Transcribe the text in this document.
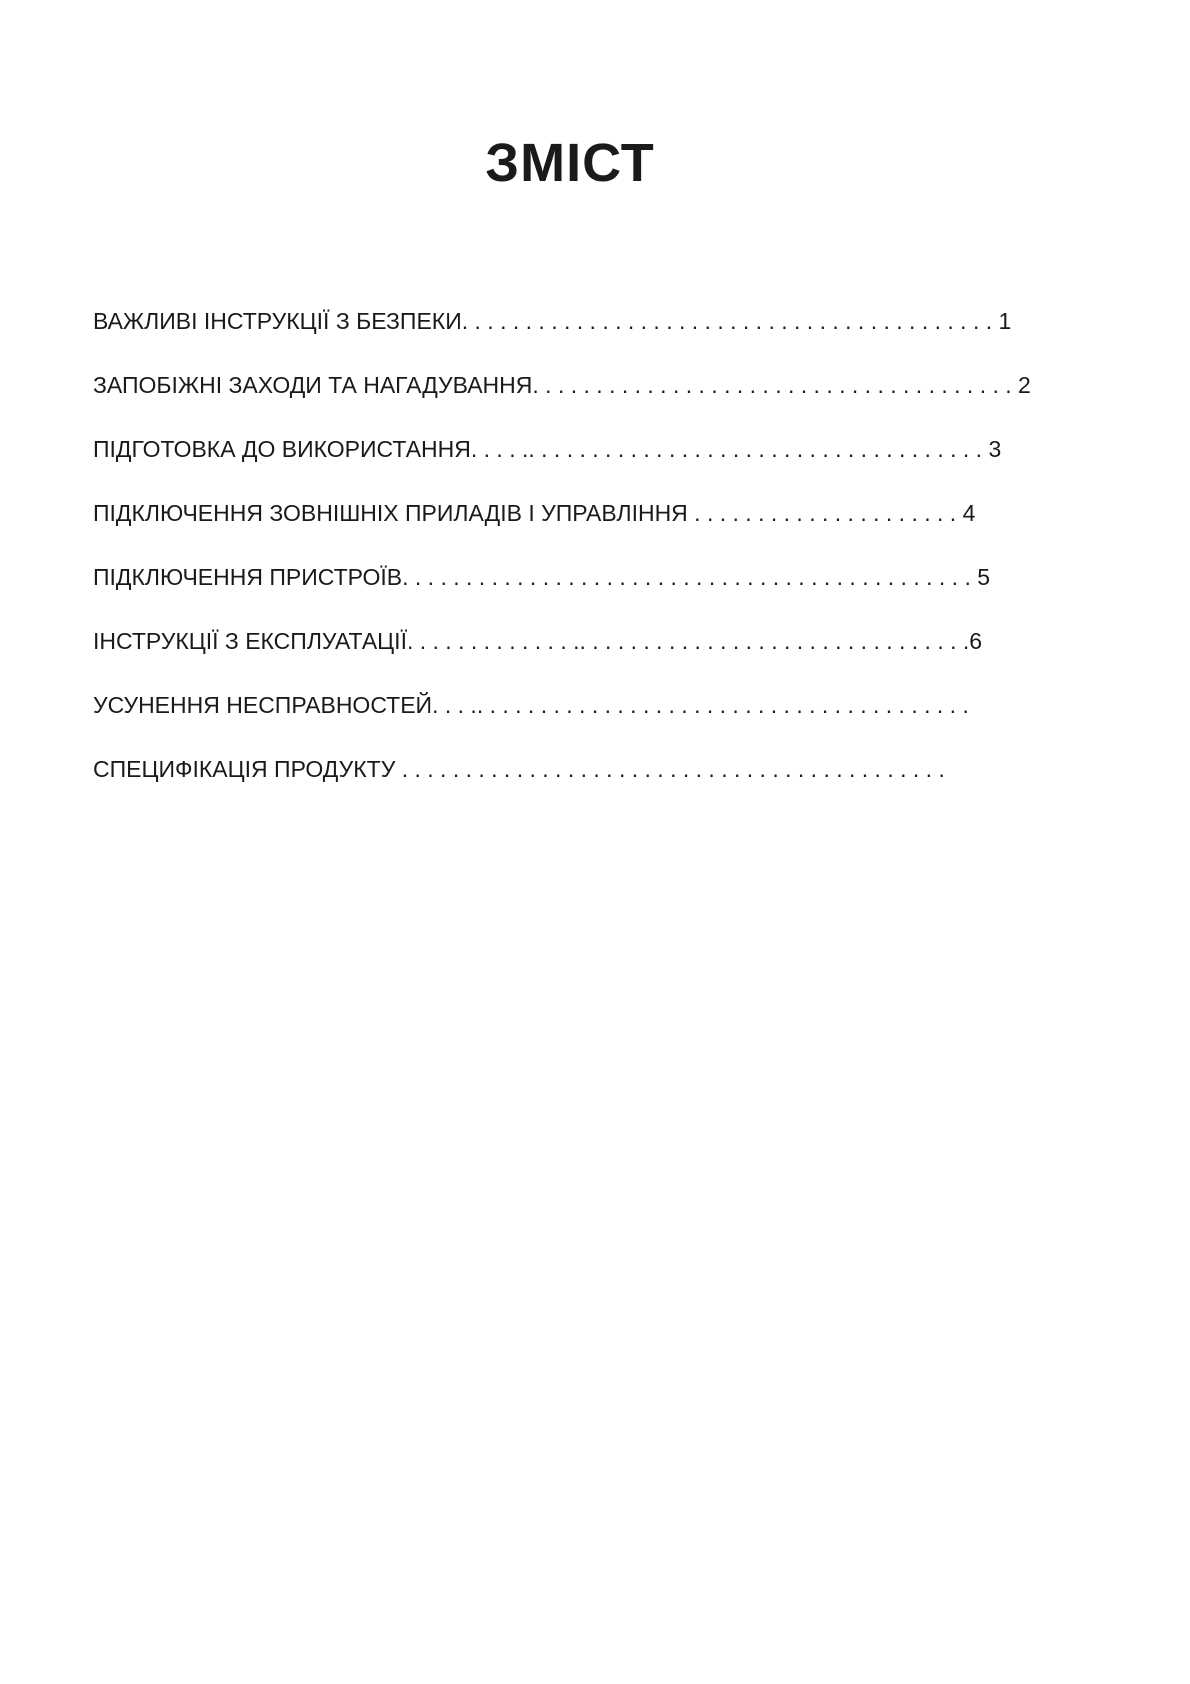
ЗМІСТ
ВАЖЛИВІ ІНСТРУКЦІЇ З БЕЗПЕКИ. . . . . . . . . . . . . . . . . . . . . . . . . . . . . . . . . . . . . . . . . . 1
ЗАПОБІЖНІ ЗАХОДИ ТА НАГАДУВАННЯ. . . . . . . . . . . . . . . . . . . . . . . . . . . . . . . . . . . . . . 2
ПІДГОТОВКА ДО ВИКОРИСТАННЯ. . . . .. . . . . . . . . . . . . . . . . . . . . . . . . . . . . . . . . . . . 3
ПІДКЛЮЧЕННЯ ЗОВНІШНІХ ПРИЛАДІВ І УПРАВЛІННЯ . . . . . . . . . . . . . . . . . . . . . 4
ПІДКЛЮЧЕННЯ ПРИСТРОЇВ. . . . . . . . . . . . . . . . . . . . . . . . . . . . . . . . . . . . . . . . . . . . . 5
ІНСТРУКЦІЇ З ЕКСПЛУАТАЦІЇ. . . . . . . . . . . . . .. . . . . . . . . . . . . . . . . . . . . . . . . . . . . . .6
УСУНЕННЯ НЕСПРАВНОСТЕЙ. . . .. . . . . . . . . . . . . . . . . . . . . . . . . . . . . . . . . . . . . . .
СПЕЦИФІКАЦІЯ ПРОДУКТУ . . . . . . . . . . . . . . . . . . . . . . . . . . . . . . . . . . . . . . . . . . .
